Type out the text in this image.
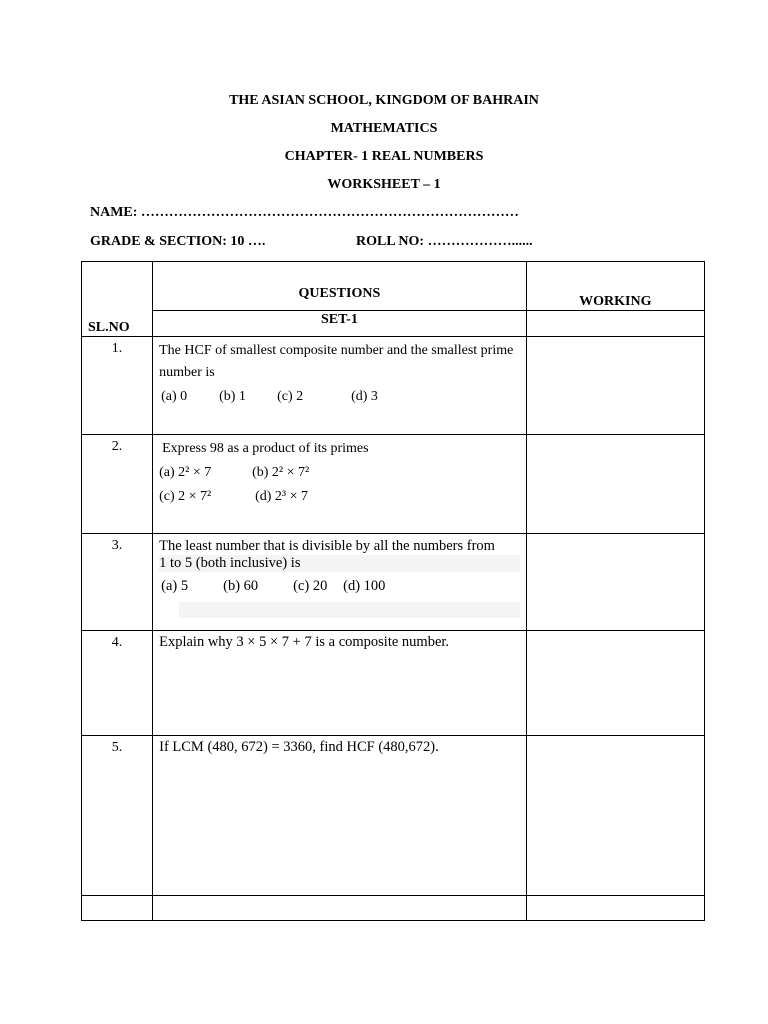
THE ASIAN SCHOOL, KINGDOM OF BAHRAIN
MATHEMATICS
CHAPTER- 1 REAL NUMBERS
WORKSHEET – 1
NAME: ………………………………………………………………………
GRADE & SECTION: 10 ….	ROLL NO: ………………......
SL.NO	QUESTIONS	WORKING

	SET-1	

1.	The HCF of smallest composite number and the smallest prime
number is
(a) 0 (b) 1 (c) 2 (d) 3	

2.	Express 98 as a product of its primes
(a) 2² × 7 (b) 2² × 7²
(c) 2 × 7² (d) 2³ × 7	

3.	The least number that is divisible by all the numbers from
1 to 5 (both inclusive) is
(a) 5 (b) 60 (c) 20 (d) 100	

4.	Explain why 3 × 5 × 7 + 7 is a composite number.	

5.	If LCM (480, 672) = 3360, find HCF (480,672).	
